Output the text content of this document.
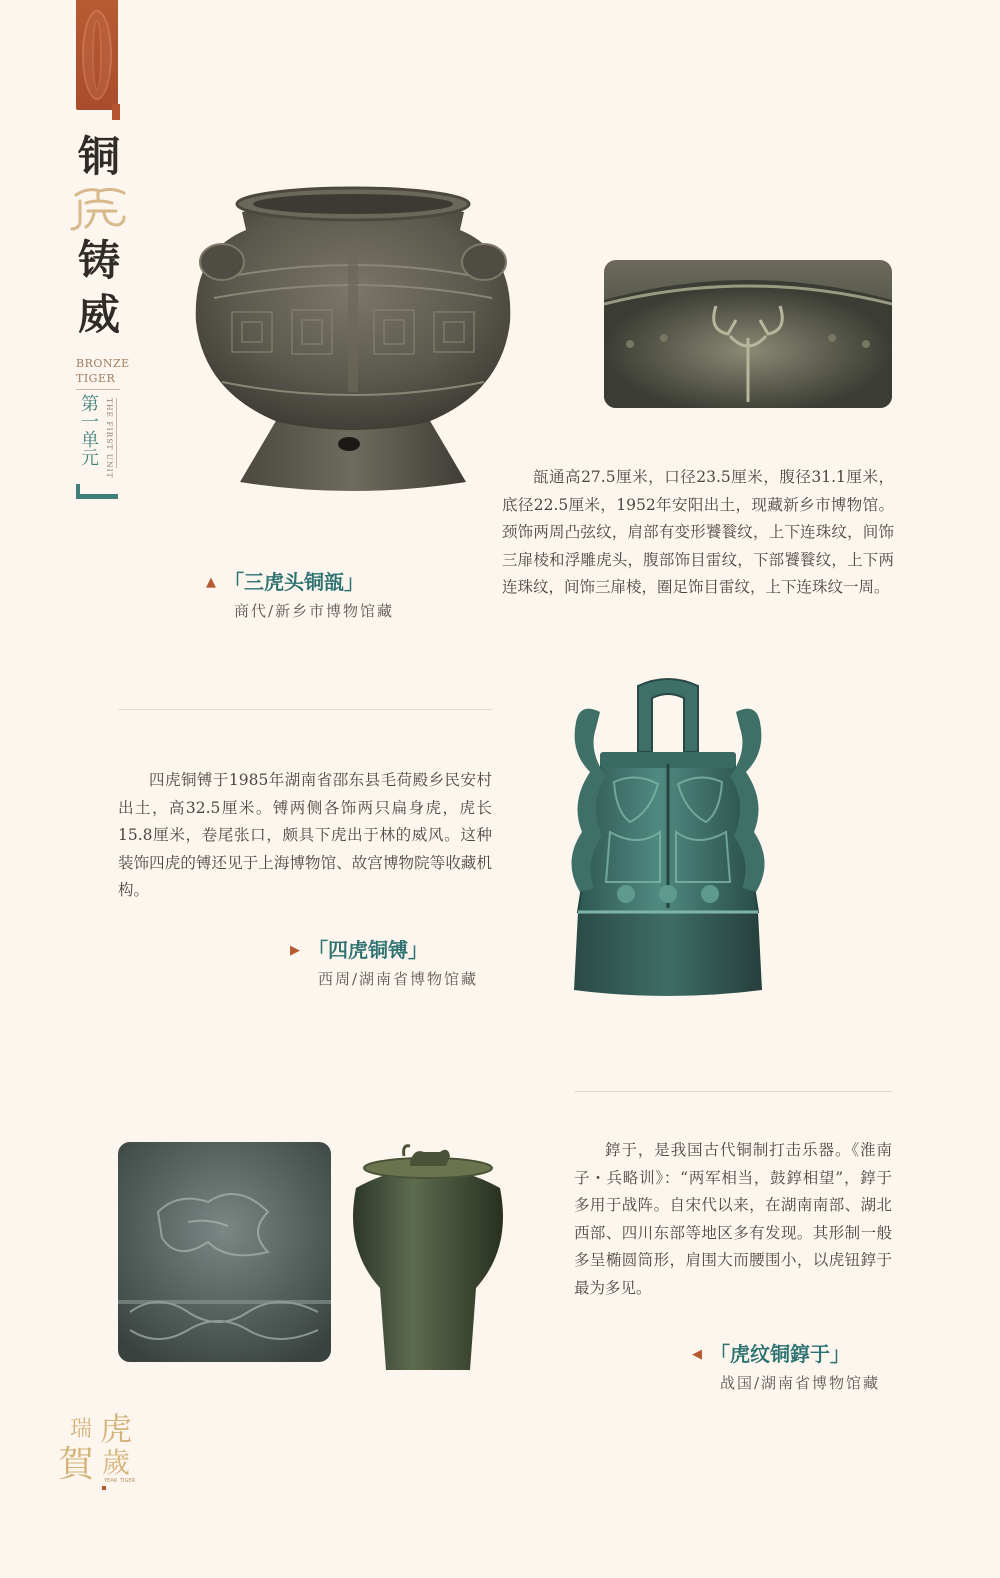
铜
虎
铸
威
BRONZE
TIGER
第一单元 THE FIRST UNIT	瓿通高27.5厘米，口径23.5厘米，腹径31.1厘米，底径22.5厘米，1952年安阳出土，现藏新乡市博物馆。颈饰两周凸弦纹，肩部有变形饕餮纹，上下连珠纹，间饰三扉棱和浮雕虎头，腹部饰目雷纹，下部饕餮纹，上下两连珠纹，间饰三扉棱，圈足饰目雷纹，上下连珠纹一周。
▲ 「三虎头铜瓿」
商代/新乡市博物馆藏
四虎铜镈于1985年湖南省邵东县毛荷殿乡民安村出土，高32.5厘米。镈两侧各饰两只扁身虎，虎长15.8厘米，卷尾张口，颇具下虎出于林的威风。这种装饰四虎的镈还见于上海博物馆、故宫博物院等收藏机构。
▶ 「四虎铜镈」
西周/湖南省博物馆藏
錞于，是我国古代铜制打击乐器。《淮南子・兵略训》：“两军相当，鼓錞相望”，錞于多用于战阵。自宋代以来，在湖南南部、湖北西部、四川东部等地区多有发现。其形制一般多呈椭圆筒形，肩围大而腰围小，以虎钮錞于最为多见。
◀ 「虎纹铜錞于」
战国/湖南省博物馆藏
瑞 虎
賀 歲
YEAR TIGER
